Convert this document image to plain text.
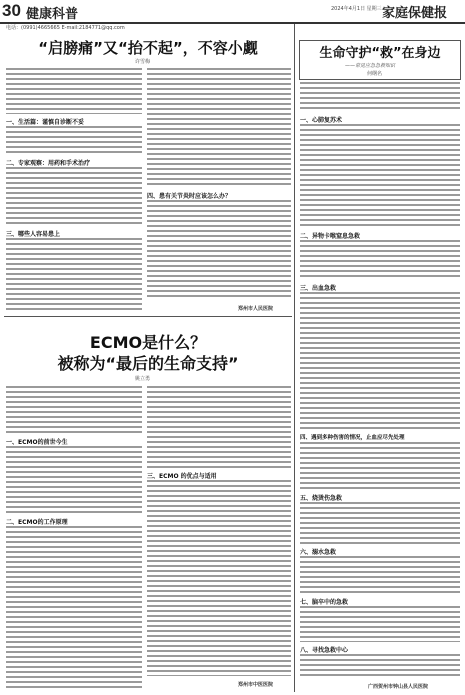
30 健康科普	2024年4月1日 星期三 家庭保健报
电话：(0991)4665665 E-mail:2184771@qq.com
“启膀痛”又“抬不起”，不容小觑
许雪梅
一、生活篇：谨慎自诊断不妥
二、专家观察：用药和手术治疗
三、哪些人容易患上
四、患有关节炎时应该怎么办？
郑州市人民医院
ECMO是什么？
被称为“最后的生命支持”
姚立勇
一、ECMO的前世今生
二、ECMO的工作原理
三、ECMO 的优点与适用
郑州市中医医院
生命守护“救”在身边
——常见应急急救知识
何纲名
一、心肺复苏术
二、异物卡喉窒息急救
三、出血急救
四、遇到多种伤害的情况，止血应尽先处理
五、烧烫伤急救
六、溺水急救
七、脑卒中的急救
八、寻找急救中心
广西贺州市钟山县人民医院
